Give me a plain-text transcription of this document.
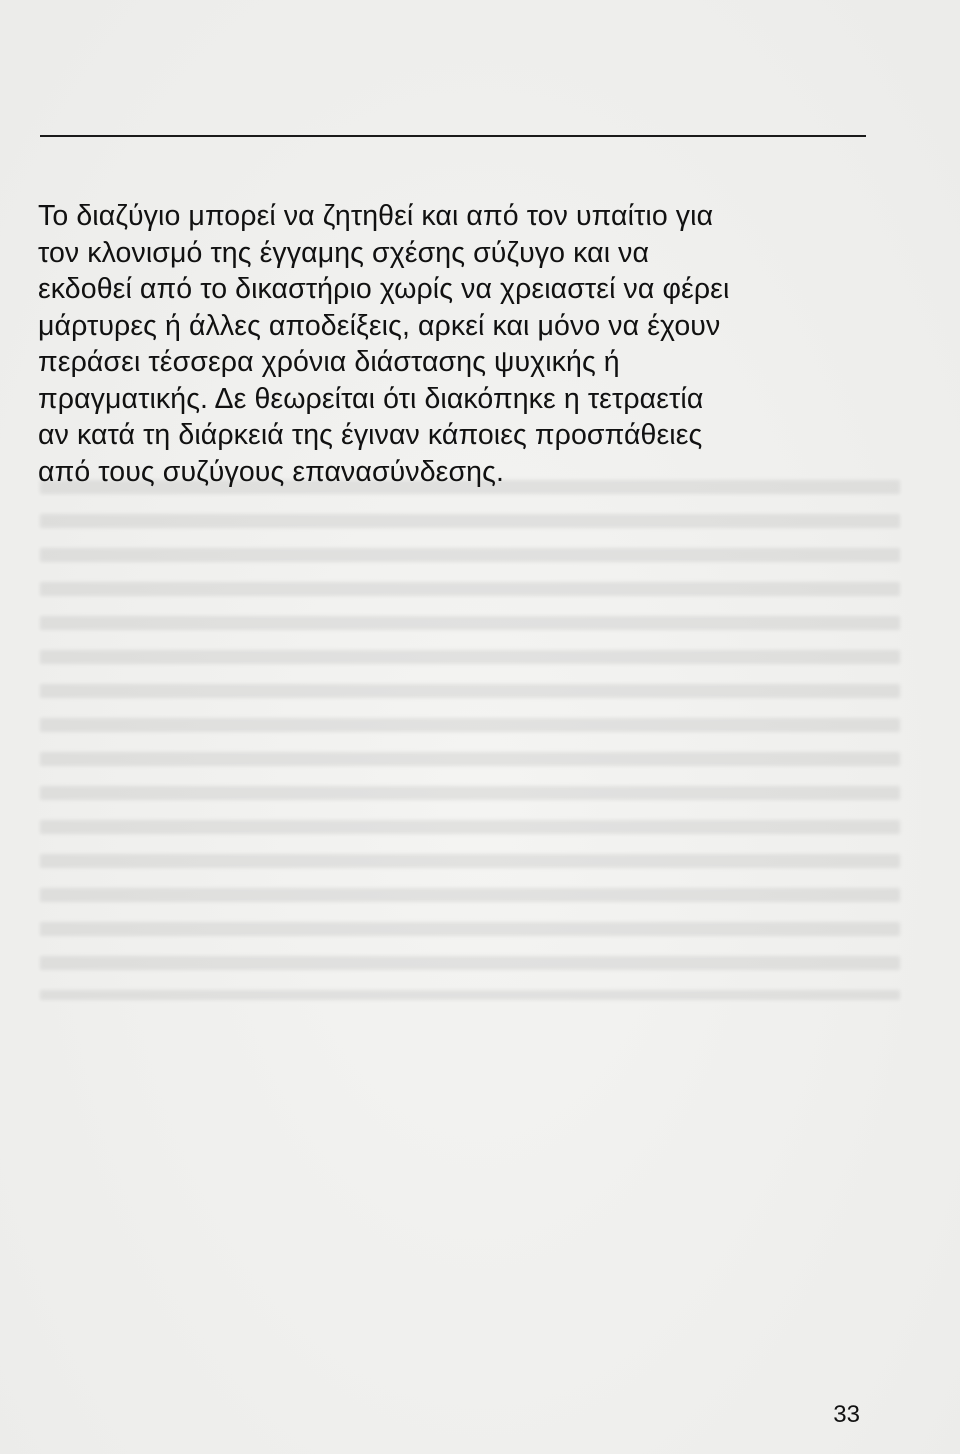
Το διαζύγιο μπορεί να ζητηθεί και από τον υπαίτιο για
τον κλονισμό της έγγαμης σχέσης σύζυγο και να
εκδοθεί από το δικαστήριο χωρίς να χρειαστεί να φέρει
μάρτυρες ή άλλες αποδείξεις, αρκεί και μόνο να έχουν
περάσει τέσσερα χρόνια διάστασης ψυχικής ή
πραγματικής. Δε θεωρείται ότι διακόπηκε η τετραετία
αν κατά τη διάρκειά της έγιναν κάποιες προσπάθειες
από τους συζύγους επανασύνδεσης.

33
